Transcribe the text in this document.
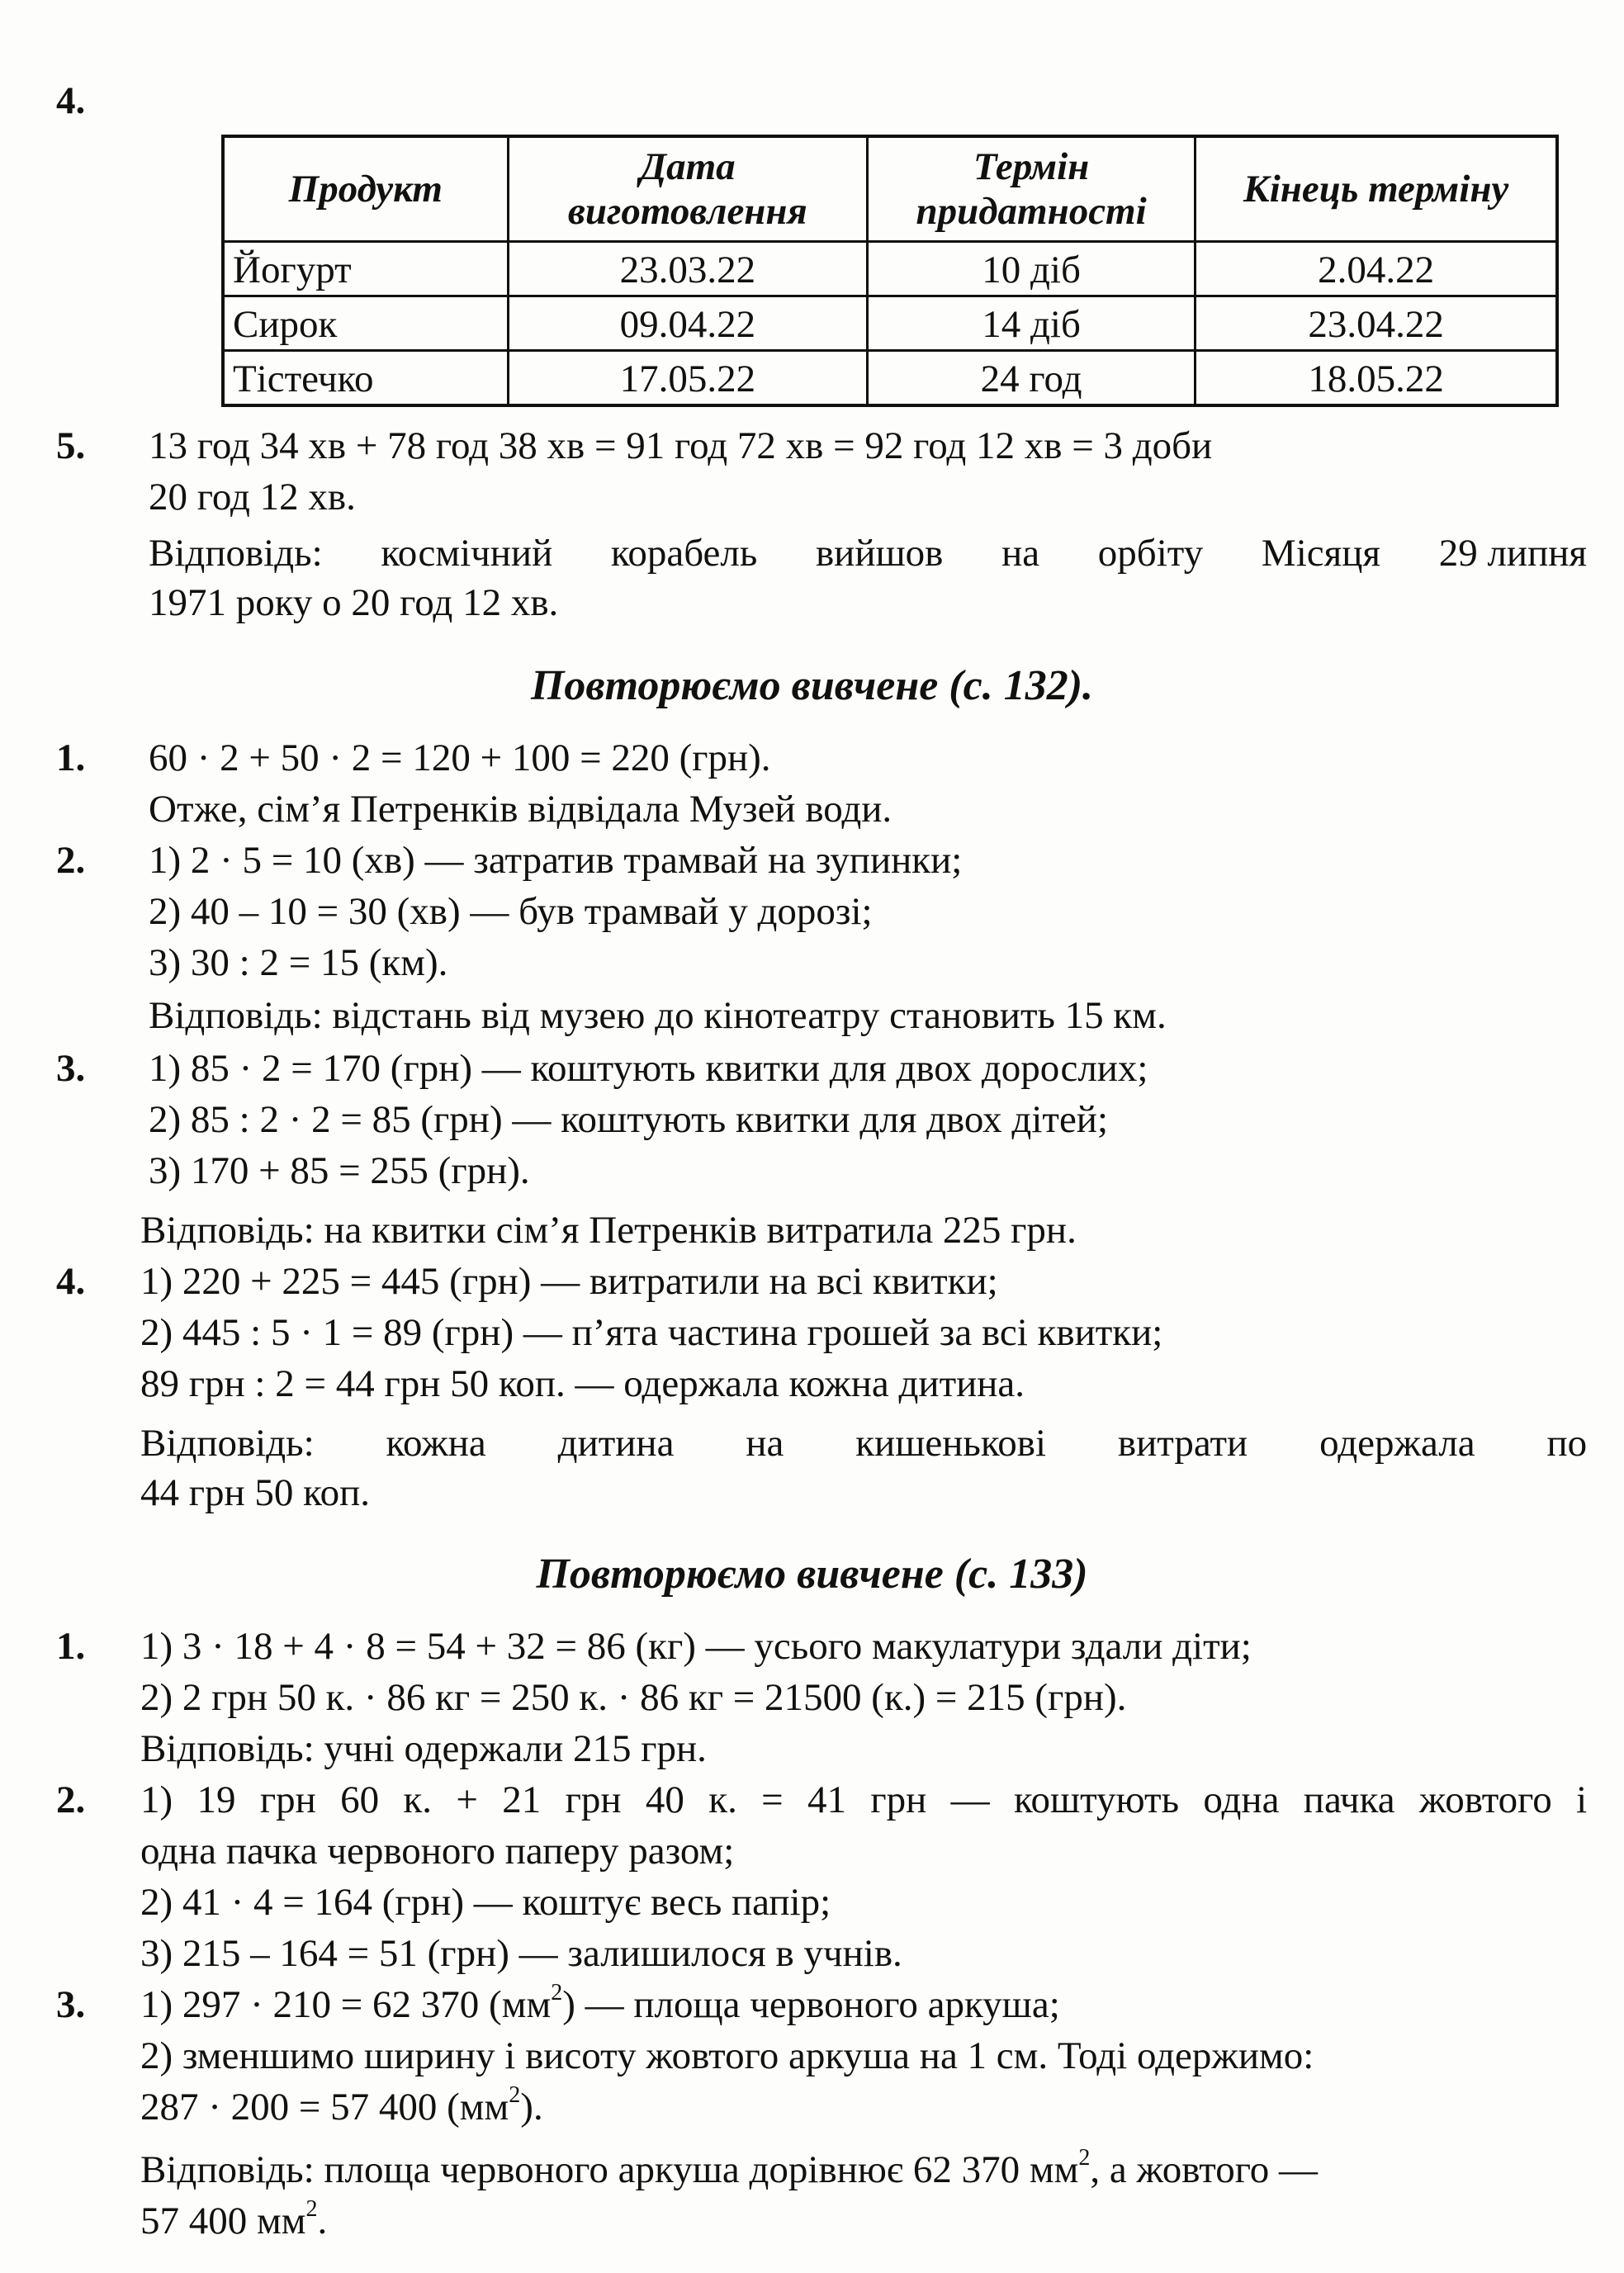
4.
Продукт	Дата виготовлення	Термін придатності	Кінець терміну
Йогурт	23.03.22	10 діб	2.04.22
Сирок	09.04.22	14 діб	23.04.22
Тістечко	17.05.22	24 год	18.05.22
5. 13 год 34 хв + 78 год 38 хв = 91 год 72 хв = 92 год 12 хв = 3 доби
20 год 12 хв.
Відповідь: космічний корабель вийшов на орбіту Місяця 29 липня
1971 року о 20 год 12 хв.
Повторюємо вивчене (с. 132).
1. 60 · 2 + 50 · 2 = 120 + 100 = 220 (грн).
Отже, сім’я Петренків відвідала Музей води.
2. 1) 2 · 5 = 10 (хв) — затратив трамвай на зупинки;
2) 40 – 10 = 30 (хв) — був трамвай у дорозі;
3) 30 : 2 = 15 (км).
Відповідь: відстань від музею до кінотеатру становить 15 км.
3. 1) 85 · 2 = 170 (грн) — коштують квитки для двох дорослих;
2) 85 : 2 · 2 = 85 (грн) — коштують квитки для двох дітей;
3) 170 + 85 = 255 (грн).
Відповідь: на квитки сім’я Петренків витратила 225 грн.
4. 1) 220 + 225 = 445 (грн) — витратили на всі квитки;
2) 445 : 5 · 1 = 89 (грн) — п’ята частина грошей за всі квитки;
89 грн : 2 = 44 грн 50 коп. — одержала кожна дитина.
Відповідь: кожна дитина на кишенькові витрати одержала по
44 грн 50 коп.
Повторюємо вивчене (с. 133)
1. 1) 3 · 18 + 4 · 8 = 54 + 32 = 86 (кг) — усього макулатури здали діти;
2) 2 грн 50 к. · 86 кг = 250 к. · 86 кг = 21500 (к.) = 215 (грн).
Відповідь: учні одержали 215 грн.
2. 1) 19 грн 60 к. + 21 грн 40 к. = 41 грн — коштують одна пачка жовтого і
одна пачка червоного паперу разом;
2) 41 · 4 = 164 (грн) — коштує весь папір;
3) 215 – 164 = 51 (грн) — залишилося в учнів.
3. 1) 297 · 210 = 62 370 $(мм^2)$ — площа червоного аркуша;
2) зменшимо ширину і висоту жовтого аркуша на 1 см. Тоді одержимо:
287 · 200 = 57 400 $(мм^2)$.
Відповідь: площа червоного аркуша дорівнює 62 370 $мм^2$, а жовтого —
57 400 $мм^2$.
